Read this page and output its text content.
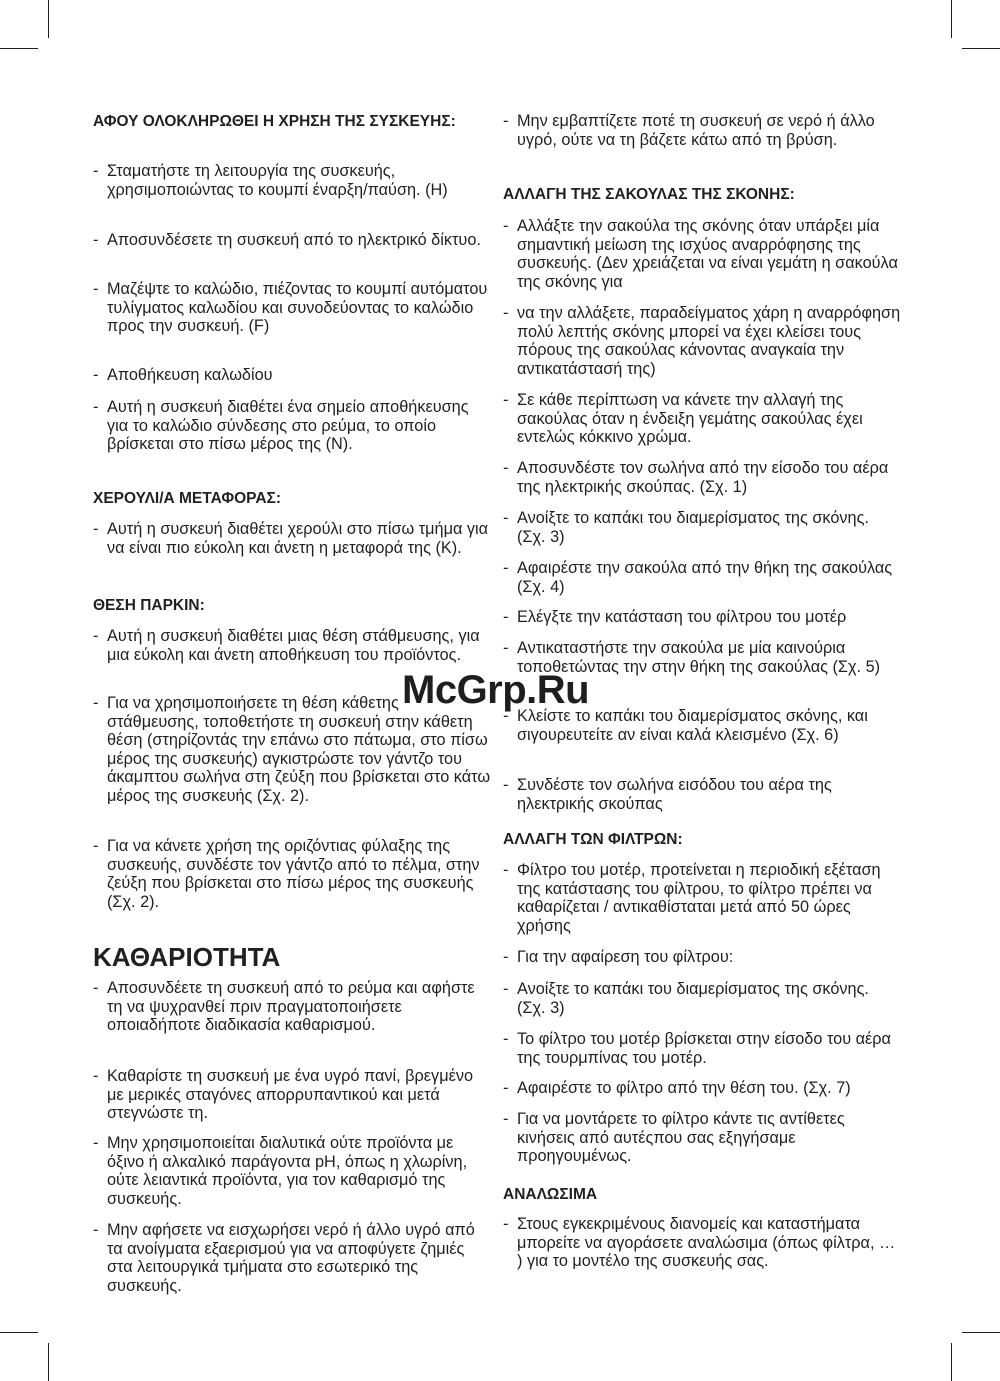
ΑΦΟΥ ΟΛΟΚΛΗΡΩΘΕΙ Η ΧΡΗΣΗ ΤΗΣ ΣΥΣΚΕΥΗΣ:
- Σταματήστε τη λειτουργία της συσκευής, χρησιμοποιώντας το κουμπί έναρξη/παύση. (H)
- Αποσυνδέσετε τη συσκευή από το ηλεκτρικό δίκτυο.
- Μαζέψτε το καλώδιο, πιέζοντας το κουμπί αυτόματου τυλίγματος καλωδίου και συνοδεύοντας το καλώδιο προς την συσκευή. (F)
- Αποθήκευση καλωδίου
- Αυτή η συσκευή διαθέτει ένα σημείο αποθήκευσης για το καλώδιο σύνδεσης στο ρεύμα, το οποίο βρίσκεται στο πίσω μέρος της (N).
ΧΕΡΟΥΛΙ/Α ΜΕΤΑΦΟΡΑΣ:
- Αυτή η συσκευή διαθέτει χερούλι στο πίσω τμήμα για να είναι πιο εύκολη και άνετη η μεταφορά της (K).
ΘΕΣΗ ΠΑΡΚΙΝ:
- Αυτή η συσκευή διαθέτει μιας θέση στάθμευσης, για μια εύκολη και άνετη αποθήκευση του προϊόντος.
- Για να χρησιμοποιήσετε τη θέση κάθετης στάθμευσης, τοποθετήστε τη συσκευή στην κάθετη θέση (στηρίζοντάς την επάνω στο πάτωμα, στο πίσω μέρος της συσκευής) αγκιστρώστε τον γάντζο του άκαμπτου σωλήνα στη ζεύξη που βρίσκεται στο κάτω μέρος της συσκευής (Σχ. 2).
- Για να κάνετε χρήση της οριζόντιας φύλαξης της συσκευής, συνδέστε τον γάντζο από το πέλμα, στην ζεύξη που βρίσκεται στο πίσω μέρος της συσκευής (Σχ. 2).
ΚΑΘΑΡΙΟΤΗΤΑ
- Αποσυνδέετε τη συσκευή από το ρεύμα και αφήστε τη να ψυχρανθεί πριν πραγματοποιήσετε οποιαδήποτε διαδικασία καθαρισμού.
- Καθαρίστε τη συσκευή με ένα υγρό πανί, βρεγμένο με μερικές σταγόνες απορρυπαντικού και μετά στεγνώστε τη.
- Μην χρησιμοποιείται διαλυτικά ούτε προϊόντα με όξινο ή αλκαλικό παράγοντα pH, όπως η χλωρίνη, ούτε λειαντικά προϊόντα, για τον καθαρισμό της συσκευής.
- Μην αφήσετε να εισχωρήσει νερό ή άλλο υγρό από τα ανοίγματα εξαερισμού για να αποφύγετε ζημιές στα λειτουργικά τμήματα στο εσωτερικό της συσκευής.
- Μην εμβαπτίζετε ποτέ τη συσκευή σε νερό ή άλλο υγρό, ούτε να τη βάζετε κάτω από τη βρύση.
ΑΛΛΑΓΗ ΤΗΣ ΣΑΚΟΥΛΑΣ ΤΗΣ ΣΚΟΝΗΣ:
- Αλλάξτε την σακούλα της σκόνης όταν υπάρξει μία σημαντική μείωση της ισχύος αναρρόφησης της συσκευής. (Δεν χρειάζεται να είναι γεμάτη η σακούλα της σκόνης για
- να την αλλάξετε, παραδείγματος χάρη η αναρρόφηση πολύ λεπτής σκόνης μπορεί να έχει κλείσει τους πόρους της σακούλας κάνοντας αναγκαία την αντικατάστασή της)
- Σε κάθε περίπτωση να κάνετε την αλλαγή της σακούλας όταν η ένδειξη γεμάτης σακούλας έχει εντελώς κόκκινο χρώμα.
- Αποσυνδέστε τον σωλήνα από την είσοδο του αέρα της ηλεκτρικής σκούπας. (Σχ. 1)
- Ανοίξτε το καπάκι του διαμερίσματος της σκόνης. (Σχ. 3)
- Αφαιρέστε την σακούλα από την θήκη της σακούλας (Σχ. 4)
- Ελέγξτε την κατάσταση του φίλτρου του μοτέρ
- Αντικαταστήστε την σακούλα με μία καινούρια τοποθετώντας την στην θήκη της σακούλας (Σχ. 5)
- Κλείστε το καπάκι του διαμερίσματος σκόνης, και σιγουρευτείτε αν είναι καλά κλεισμένο (Σχ. 6)
- Συνδέστε τον σωλήνα εισόδου του αέρα της ηλεκτρικής σκούπας
ΑΛΛΑΓΗ ΤΩΝ ΦΙΛΤΡΩΝ:
- Φίλτρο του μοτέρ, προτείνεται η περιοδική εξέταση της κατάστασης του φίλτρου, το φίλτρο πρέπει να καθαρίζεται / αντικαθίσταται μετά από 50 ώρες χρήσης
- Για την αφαίρεση του φίλτρου:
- Ανοίξτε το καπάκι του διαμερίσματος της σκόνης. (Σχ. 3)
- Το φίλτρο του μοτέρ βρίσκεται στην είσοδο του αέρα της τουρμπίνας του μοτέρ.
- Αφαιρέστε το φίλτρο από την θέση του. (Σχ. 7)
- Για να μοντάρετε το φίλτρο κάντε τις αντίθετες κινήσεις από αυτέςπου σας εξηγήσαμε προηγουμένως.
ΑΝΑΛΩΣΙΜΑ
- Στους εγκεκριμένους διανομείς και καταστήματα μπορείτε να αγοράσετε αναλώσιμα (όπως φίλτρα, … ) για το μοντέλο της συσκευής σας.
McGrp.Ru
